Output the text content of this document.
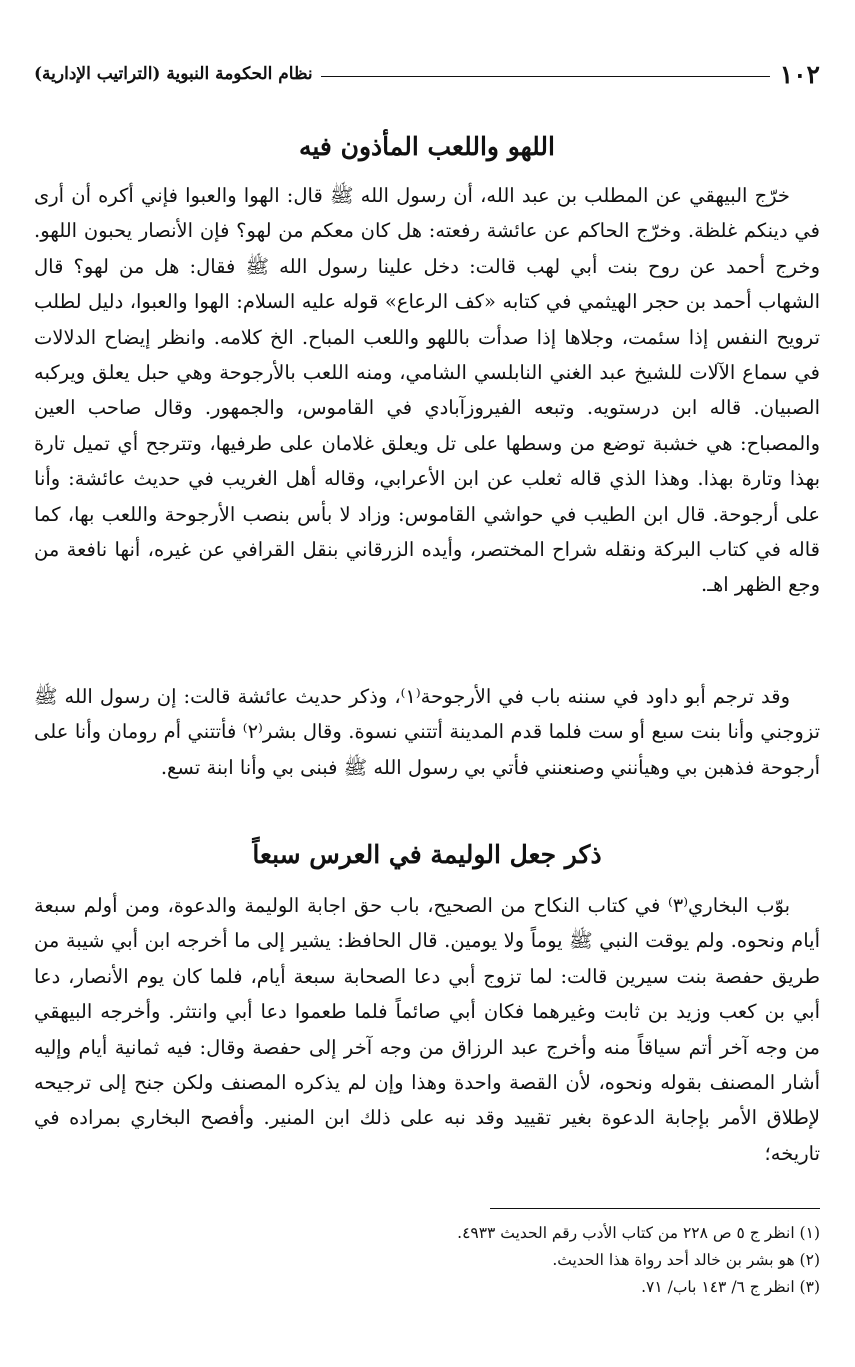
١٠٢
نظام الحكومة النبوية (التراتيب الإدارية)
اللهو واللعب المأذون فيه

خرّج البيهقي عن المطلب بن عبد الله، أن رسول الله ﷺ قال: الهوا والعبوا فإني أكره أن أرى في دينكم غلظة. وخرّج الحاكم عن عائشة رفعته: هل كان معكم من لهو؟ فإن الأنصار يحبون اللهو. وخرج أحمد عن روح بنت أبي لهب قالت: دخل علينا رسول الله ﷺ فقال: هل من لهو؟ قال الشهاب أحمد بن حجر الهيثمي في كتابه «كف الرعاع» قوله عليه السلام: الهوا والعبوا، دليل لطلب ترويح النفس إذا سئمت، وجلاها إذا صدأت باللهو واللعب المباح. الخ كلامه. وانظر إيضاح الدلالات في سماع الآلات للشيخ عبد الغني النابلسي الشامي، ومنه اللعب بالأرجوحة وهي حبل يعلق ويركبه الصبيان. قاله ابن درستويه. وتبعه الفيروزآبادي في القاموس، والجمهور. وقال صاحب العين والمصباح: هي خشبة توضع من وسطها على تل ويعلق غلامان على طرفيها، وتترجح أي تميل تارة بهذا وتارة بهذا. وهذا الذي قاله ثعلب عن ابن الأعرابي، وقاله أهل الغريب في حديث عائشة: وأنا على أرجوحة. قال ابن الطيب في حواشي القاموس: وزاد لا بأس بنصب الأرجوحة واللعب بها، كما قاله في كتاب البركة ونقله شراح المختصر، وأيده الزرقاني بنقل القرافي عن غيره، أنها نافعة من وجع الظهر اهـ.

وقد ترجم أبو داود في سننه باب في الأرجوحة⁽١⁾، وذكر حديث عائشة قالت: إن رسول الله ﷺ تزوجني وأنا بنت سبع أو ست فلما قدم المدينة أتتني نسوة. وقال بشر⁽٢⁾ فأتتني أم رومان وأنا على أرجوحة فذهبن بي وهيأنني وصنعنني فأتي بي رسول الله ﷺ فبنى بي وأنا ابنة تسع.

ذكر جعل الوليمة في العرس سبعاً

بوّب البخاري⁽٣⁾ في كتاب النكاح من الصحيح، باب حق اجابة الوليمة والدعوة، ومن أولم سبعة أيام ونحوه. ولم يوقت النبي ﷺ يوماً ولا يومين. قال الحافظ: يشير إلى ما أخرجه ابن أبي شيبة من طريق حفصة بنت سيرين قالت: لما تزوج أبي دعا الصحابة سبعة أيام، فلما كان يوم الأنصار، دعا أبي بن كعب وزيد بن ثابت وغيرهما فكان أبي صائماً فلما طعموا دعا أبي وانتثر. وأخرجه البيهقي من وجه آخر أتم سياقاً منه وأخرج عبد الرزاق من وجه آخر إلى حفصة وقال: فيه ثمانية أيام وإليه أشار المصنف بقوله ونحوه، لأن القصة واحدة وهذا وإن لم يذكره المصنف ولكن جنح إلى ترجيحه لإطلاق الأمر بإجابة الدعوة بغير تقييد وقد نبه على ذلك ابن المنير. وأفصح البخاري بمراده في تاريخه؛

(١) انظر ج ٥ ص ٢٢٨ من كتاب الأدب رقم الحديث ٤٩٣٣.
(٢) هو بشر بن خالد أحد رواة هذا الحديث.
(٣) انظر ج ٦/ ١٤٣ باب/ ٧١.
